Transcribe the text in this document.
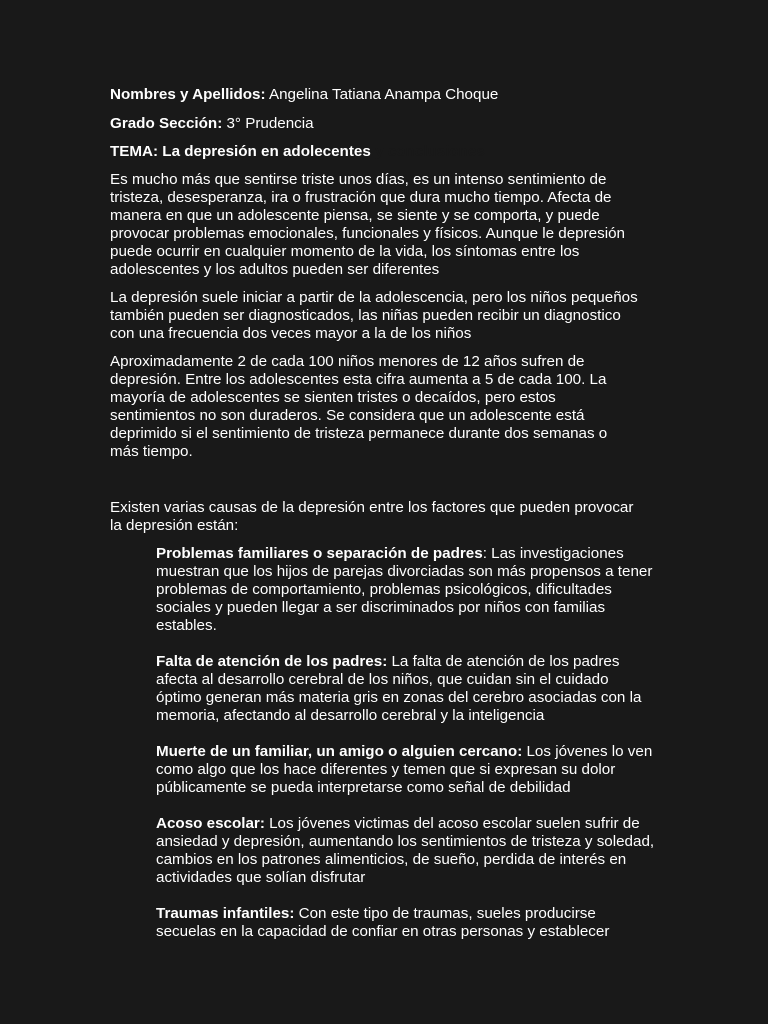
Nombres y Apellidos: Angelina Tatiana Anampa Choque

Grado Sección: 3° Prudencia

TEMA: La depresión en adolecentes y conclusiones

Es mucho más que sentirse triste unos días, es un intenso sentimiento de tristeza, desesperanza, ira o frustración que dura mucho tiempo. Afecta de manera en que un adolescente piensa, se siente y se comporta, y puede provocar problemas emocionales, funcionales y físicos. Aunque le depresión puede ocurrir en cualquier momento de la vida, los síntomas entre los adolescentes y los adultos pueden ser diferentes

La depresión suele iniciar a partir de la adolescencia, pero los niños pequeños también pueden ser diagnosticados, las niñas pueden recibir un diagnostico con una frecuencia dos veces mayor a la de los niños

Aproximadamente 2 de cada 100 niños menores de 12 años sufren de depresión. Entre los adolescentes esta cifra aumenta a 5 de cada 100. La mayoría de adolescentes se sienten tristes o decaídos, pero estos sentimientos no son duraderos. Se considera que un adolescente está deprimido si el sentimiento de tristeza permanece durante dos semanas o más tiempo.

Existen varias causas de la depresión entre los factores que pueden provocar la depresión están:

Problemas familiares o separación de padres: Las investigaciones muestran que los hijos de parejas divorciadas son más propensos a tener problemas de comportamiento, problemas psicológicos, dificultades sociales y pueden llegar a ser discriminados por niños con familias estables.

Falta de atención de los padres: La falta de atención de los padres afecta al desarrollo cerebral de los niños, que cuidan sin el cuidado óptimo generan más materia gris en zonas del cerebro asociadas con la memoria, afectando al desarrollo cerebral y la inteligencia

Muerte de un familiar, un amigo o alguien cercano: Los jóvenes lo ven como algo que los hace diferentes y temen que si expresan su dolor públicamente se pueda interpretarse como señal de debilidad

Acoso escolar: Los jóvenes victimas del acoso escolar suelen sufrir de ansiedad y depresión, aumentando los sentimientos de tristeza y soledad, cambios en los patrones alimenticios, de sueño, perdida de interés en actividades que solían disfrutar

Traumas infantiles: Con este tipo de traumas, sueles producirse secuelas en la capacidad de confiar en otras personas y establecer
